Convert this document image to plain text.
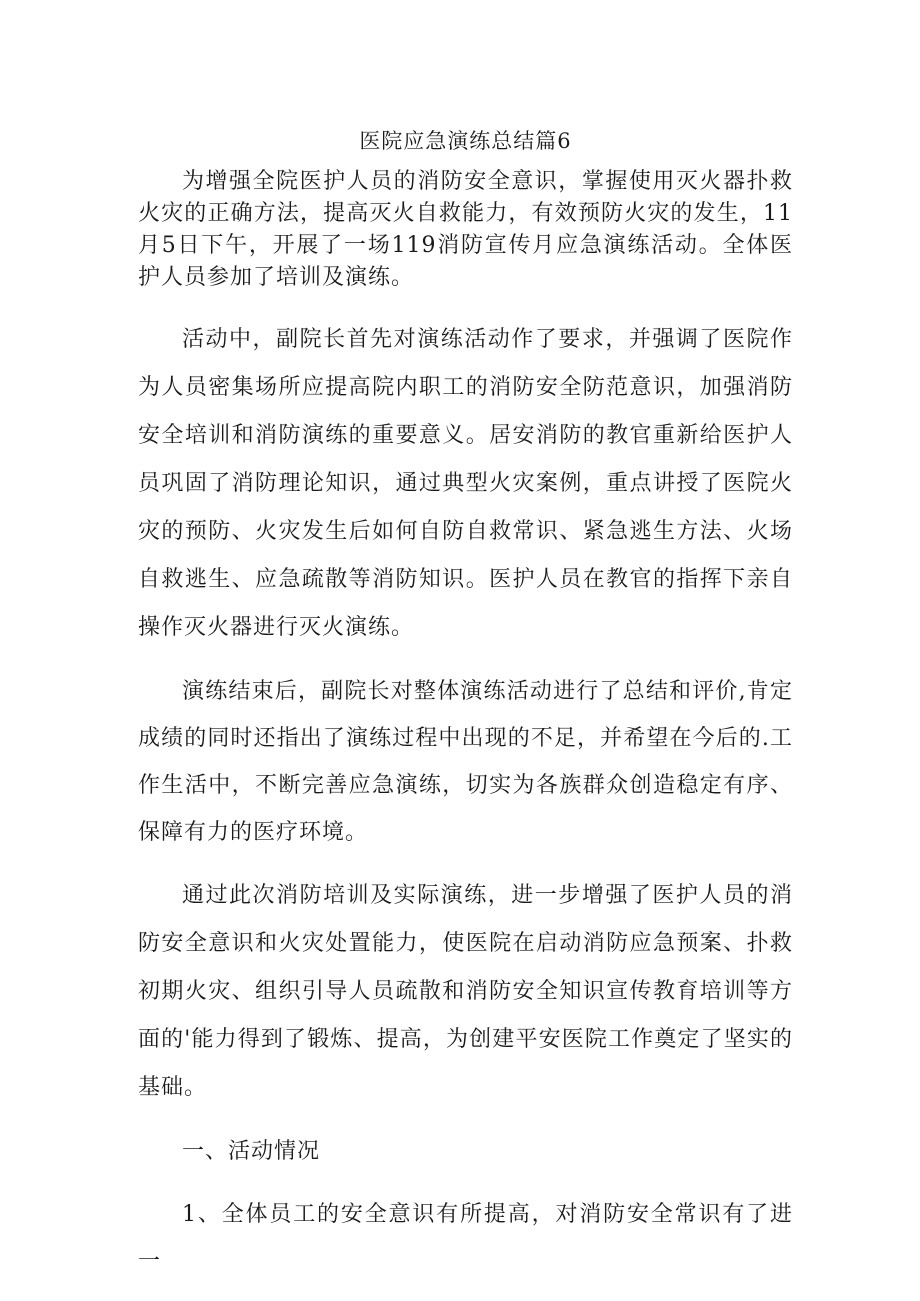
医院应急演练总结篇6

为增强全院医护人员的消防安全意识，掌握使用灭火器扑救火灾的正确方法，提高灭火自救能力，有效预防火灾的发生，11月5日下午，开展了一场119消防宣传月应急演练活动。全体医护人员参加了培训及演练。

活动中，副院长首先对演练活动作了要求，并强调了医院作为人员密集场所应提高院内职工的消防安全防范意识，加强消防安全培训和消防演练的重要意义。居安消防的教官重新给医护人员巩固了消防理论知识，通过典型火灾案例，重点讲授了医院火灾的预防、火灾发生后如何自防自救常识、紧急逃生方法、火场自救逃生、应急疏散等消防知识。医护人员在教官的指挥下亲自操作灭火器进行灭火演练。

演练结束后，副院长对整体演练活动进行了总结和评价,肯定成绩的同时还指出了演练过程中出现的不足，并希望在今后的.工作生活中，不断完善应急演练，切实为各族群众创造稳定有序、保障有力的医疗环境。

通过此次消防培训及实际演练，进一步增强了医护人员的消防安全意识和火灾处置能力，使医院在启动消防应急预案、扑救初期火灾、组织引导人员疏散和消防安全知识宣传教育培训等方面的'能力得到了锻炼、提高，为创建平安医院工作奠定了坚实的基础。

一、活动情况

1、全体员工的安全意识有所提高，对消防安全常识有了进一
